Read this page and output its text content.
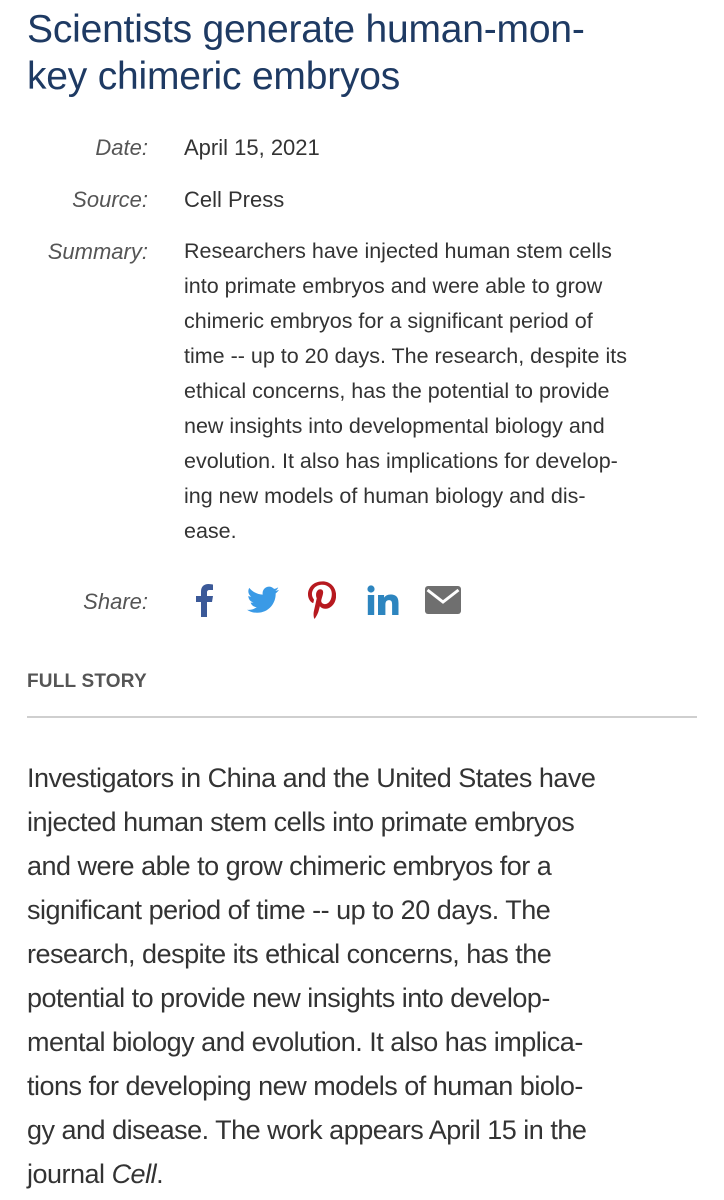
Scientists generate human-mon-
key chimeric embryos
Date: April 15, 2021
Source: Cell Press
Summary: Researchers have injected human stem cells
into primate embryos and were able to grow
chimeric embryos for a significant period of
time -- up to 20 days. The research, despite its
ethical concerns, has the potential to provide
new insights into developmental biology and
evolution. It also has implications for develop-
ing new models of human biology and dis-
ease.
Share:
FULL STORY
Investigators in China and the United States have
injected human stem cells into primate embryos
and were able to grow chimeric embryos for a
significant period of time -- up to 20 days. The
research, despite its ethical concerns, has the
potential to provide new insights into develop-
mental biology and evolution. It also has implica-
tions for developing new models of human biolo-
gy and disease. The work appears April 15 in the
journal Cell.
